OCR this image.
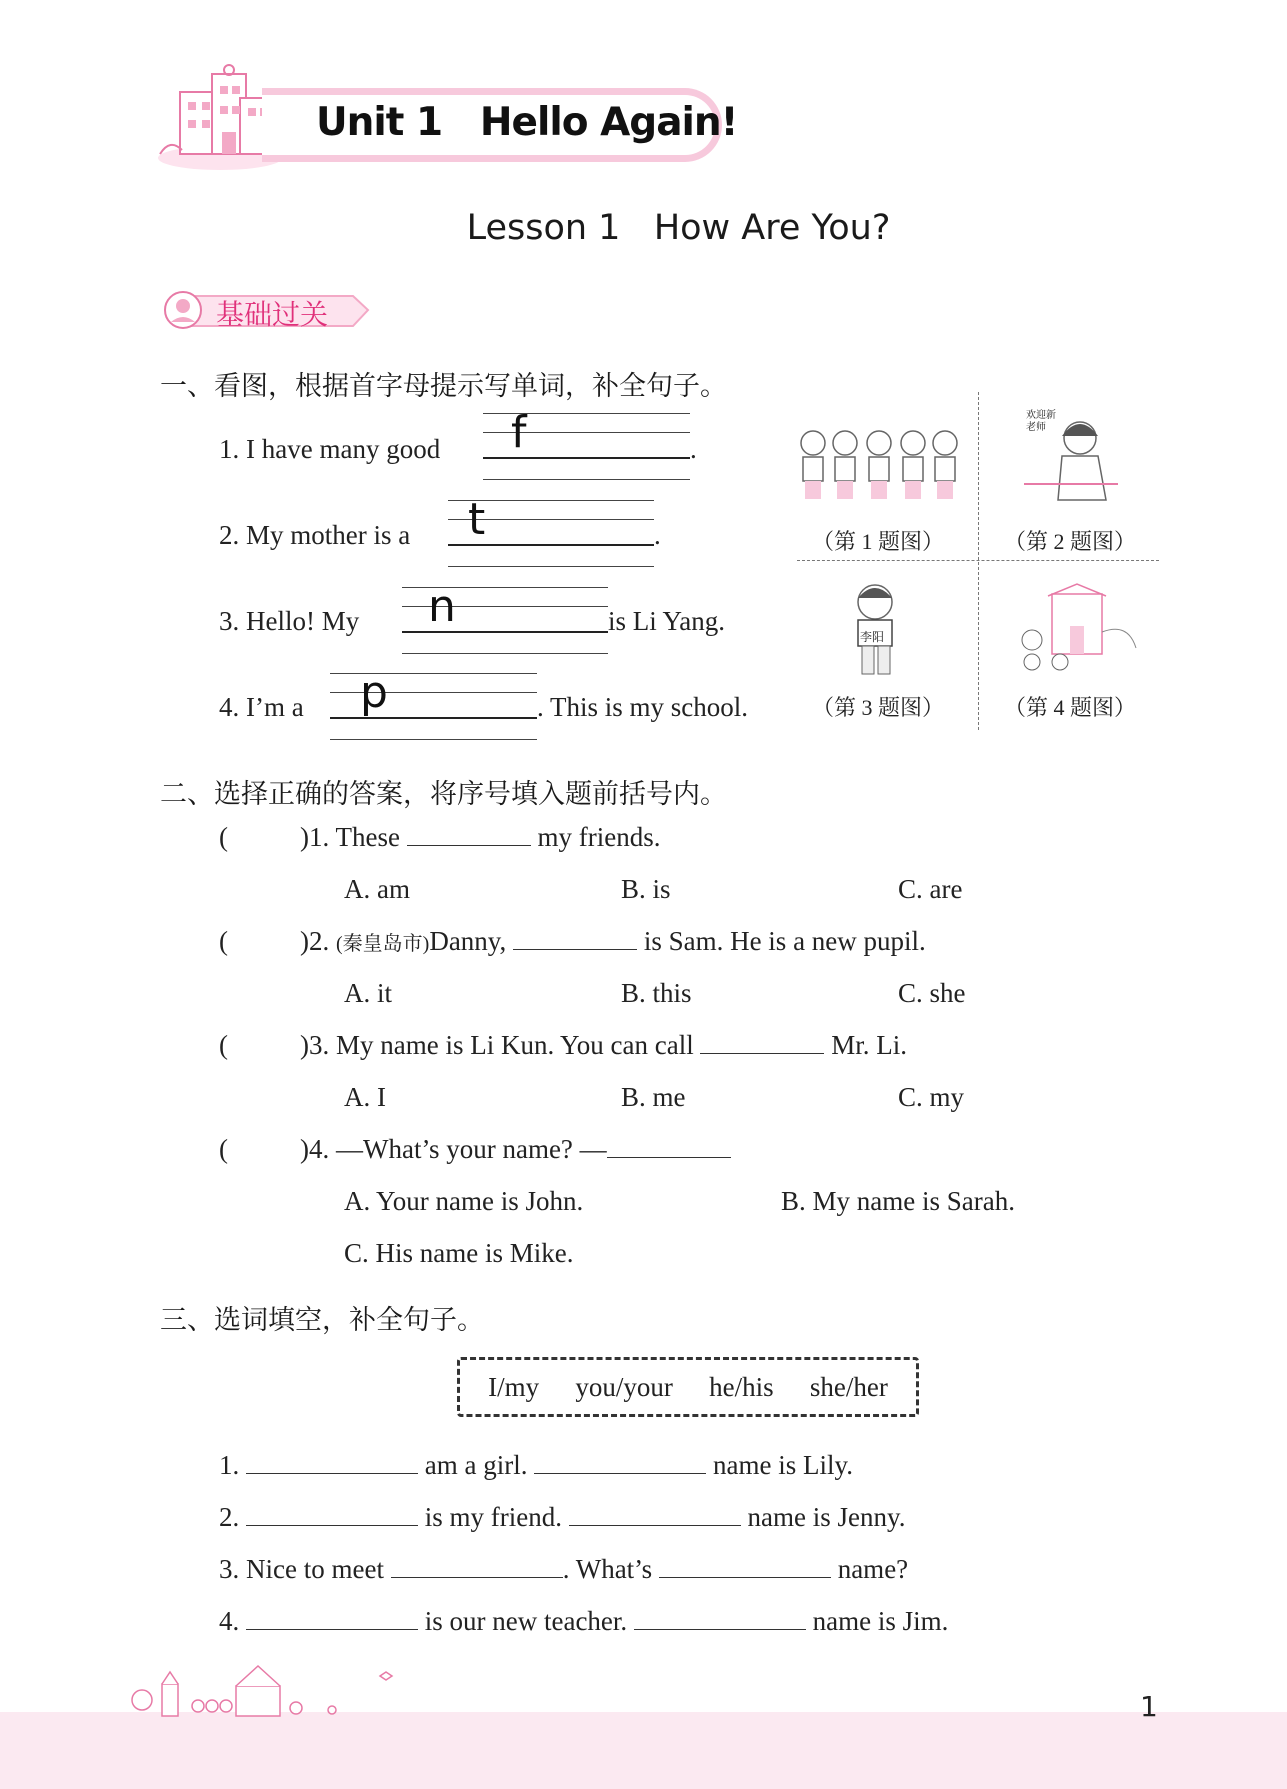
Unit 1   Hello Again!
Lesson 1   How Are You?
基础过关
一、看图，根据首字母提示写单词，补全句子。
1. I have many good f	.
2. My mother is a t	.
3. Hello! My n	is Li Yang.
4. I’m a p	. This is my school.
欢迎新老师
（第 1 题图）	（第 2 题图）
李阳
（第 3 题图）	（第 4 题图）
二、选择正确的答案，将序号填入题前括号内。
(	)1. These	my friends.
A. am	B. is	C. are
(	)2. (秦皇岛市)Danny,	is Sam. He is a new pupil.
A. it	B. this	C. she
(	)3. My name is Li Kun. You can call	Mr. Li.
A. I	B. me	C. my
(	)4. —What’s your name? —
A. Your name is John.	B. My name is Sarah.
C. His name is Mike.
三、选词填空，补全句子。
I/my you/your he/his she/her
1.	am a girl.	name is Lily.
2.	is my friend.	name is Jenny.
3. Nice to meet	. What’s	name?
4.	is our new teacher.	name is Jim.
1
